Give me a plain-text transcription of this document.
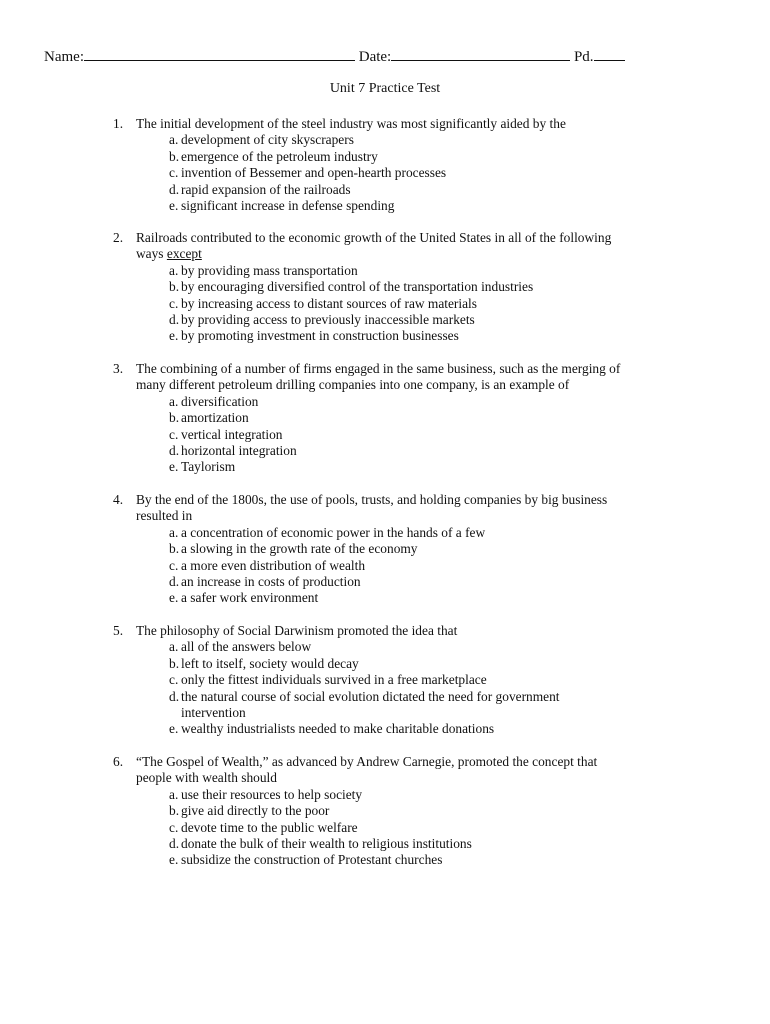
Name:	Date:	Pd.
Unit 7 Practice Test
1. The initial development of the steel industry was most significantly aided by the
a. development of city skyscrapers
b. emergence of the petroleum industry
c. invention of Bessemer and open-hearth processes
d. rapid expansion of the railroads
e. significant increase in defense spending
2. Railroads contributed to the economic growth of the United States in all of the following
ways except
a. by providing mass transportation
b. by encouraging diversified control of the transportation industries
c. by increasing access to distant sources of raw materials
d. by providing access to previously inaccessible markets
e. by promoting investment in construction businesses
3. The combining of a number of firms engaged in the same business, such as the merging of
many different petroleum drilling companies into one company, is an example of
a. diversification
b. amortization
c. vertical integration
d. horizontal integration
e. Taylorism
4. By the end of the 1800s, the use of pools, trusts, and holding companies by big business
resulted in
a. a concentration of economic power in the hands of a few
b. a slowing in the growth rate of the economy
c. a more even distribution of wealth
d. an increase in costs of production
e. a safer work environment
5. The philosophy of Social Darwinism promoted the idea that
a. all of the answers below
b. left to itself, society would decay
c. only the fittest individuals survived in a free marketplace
d. the natural course of social evolution dictated the need for government
intervention
e. wealthy industrialists needed to make charitable donations
6. “The Gospel of Wealth,” as advanced by Andrew Carnegie, promoted the concept that
people with wealth should
a. use their resources to help society
b. give aid directly to the poor
c. devote time to the public welfare
d. donate the bulk of their wealth to religious institutions
e. subsidize the construction of Protestant churches
